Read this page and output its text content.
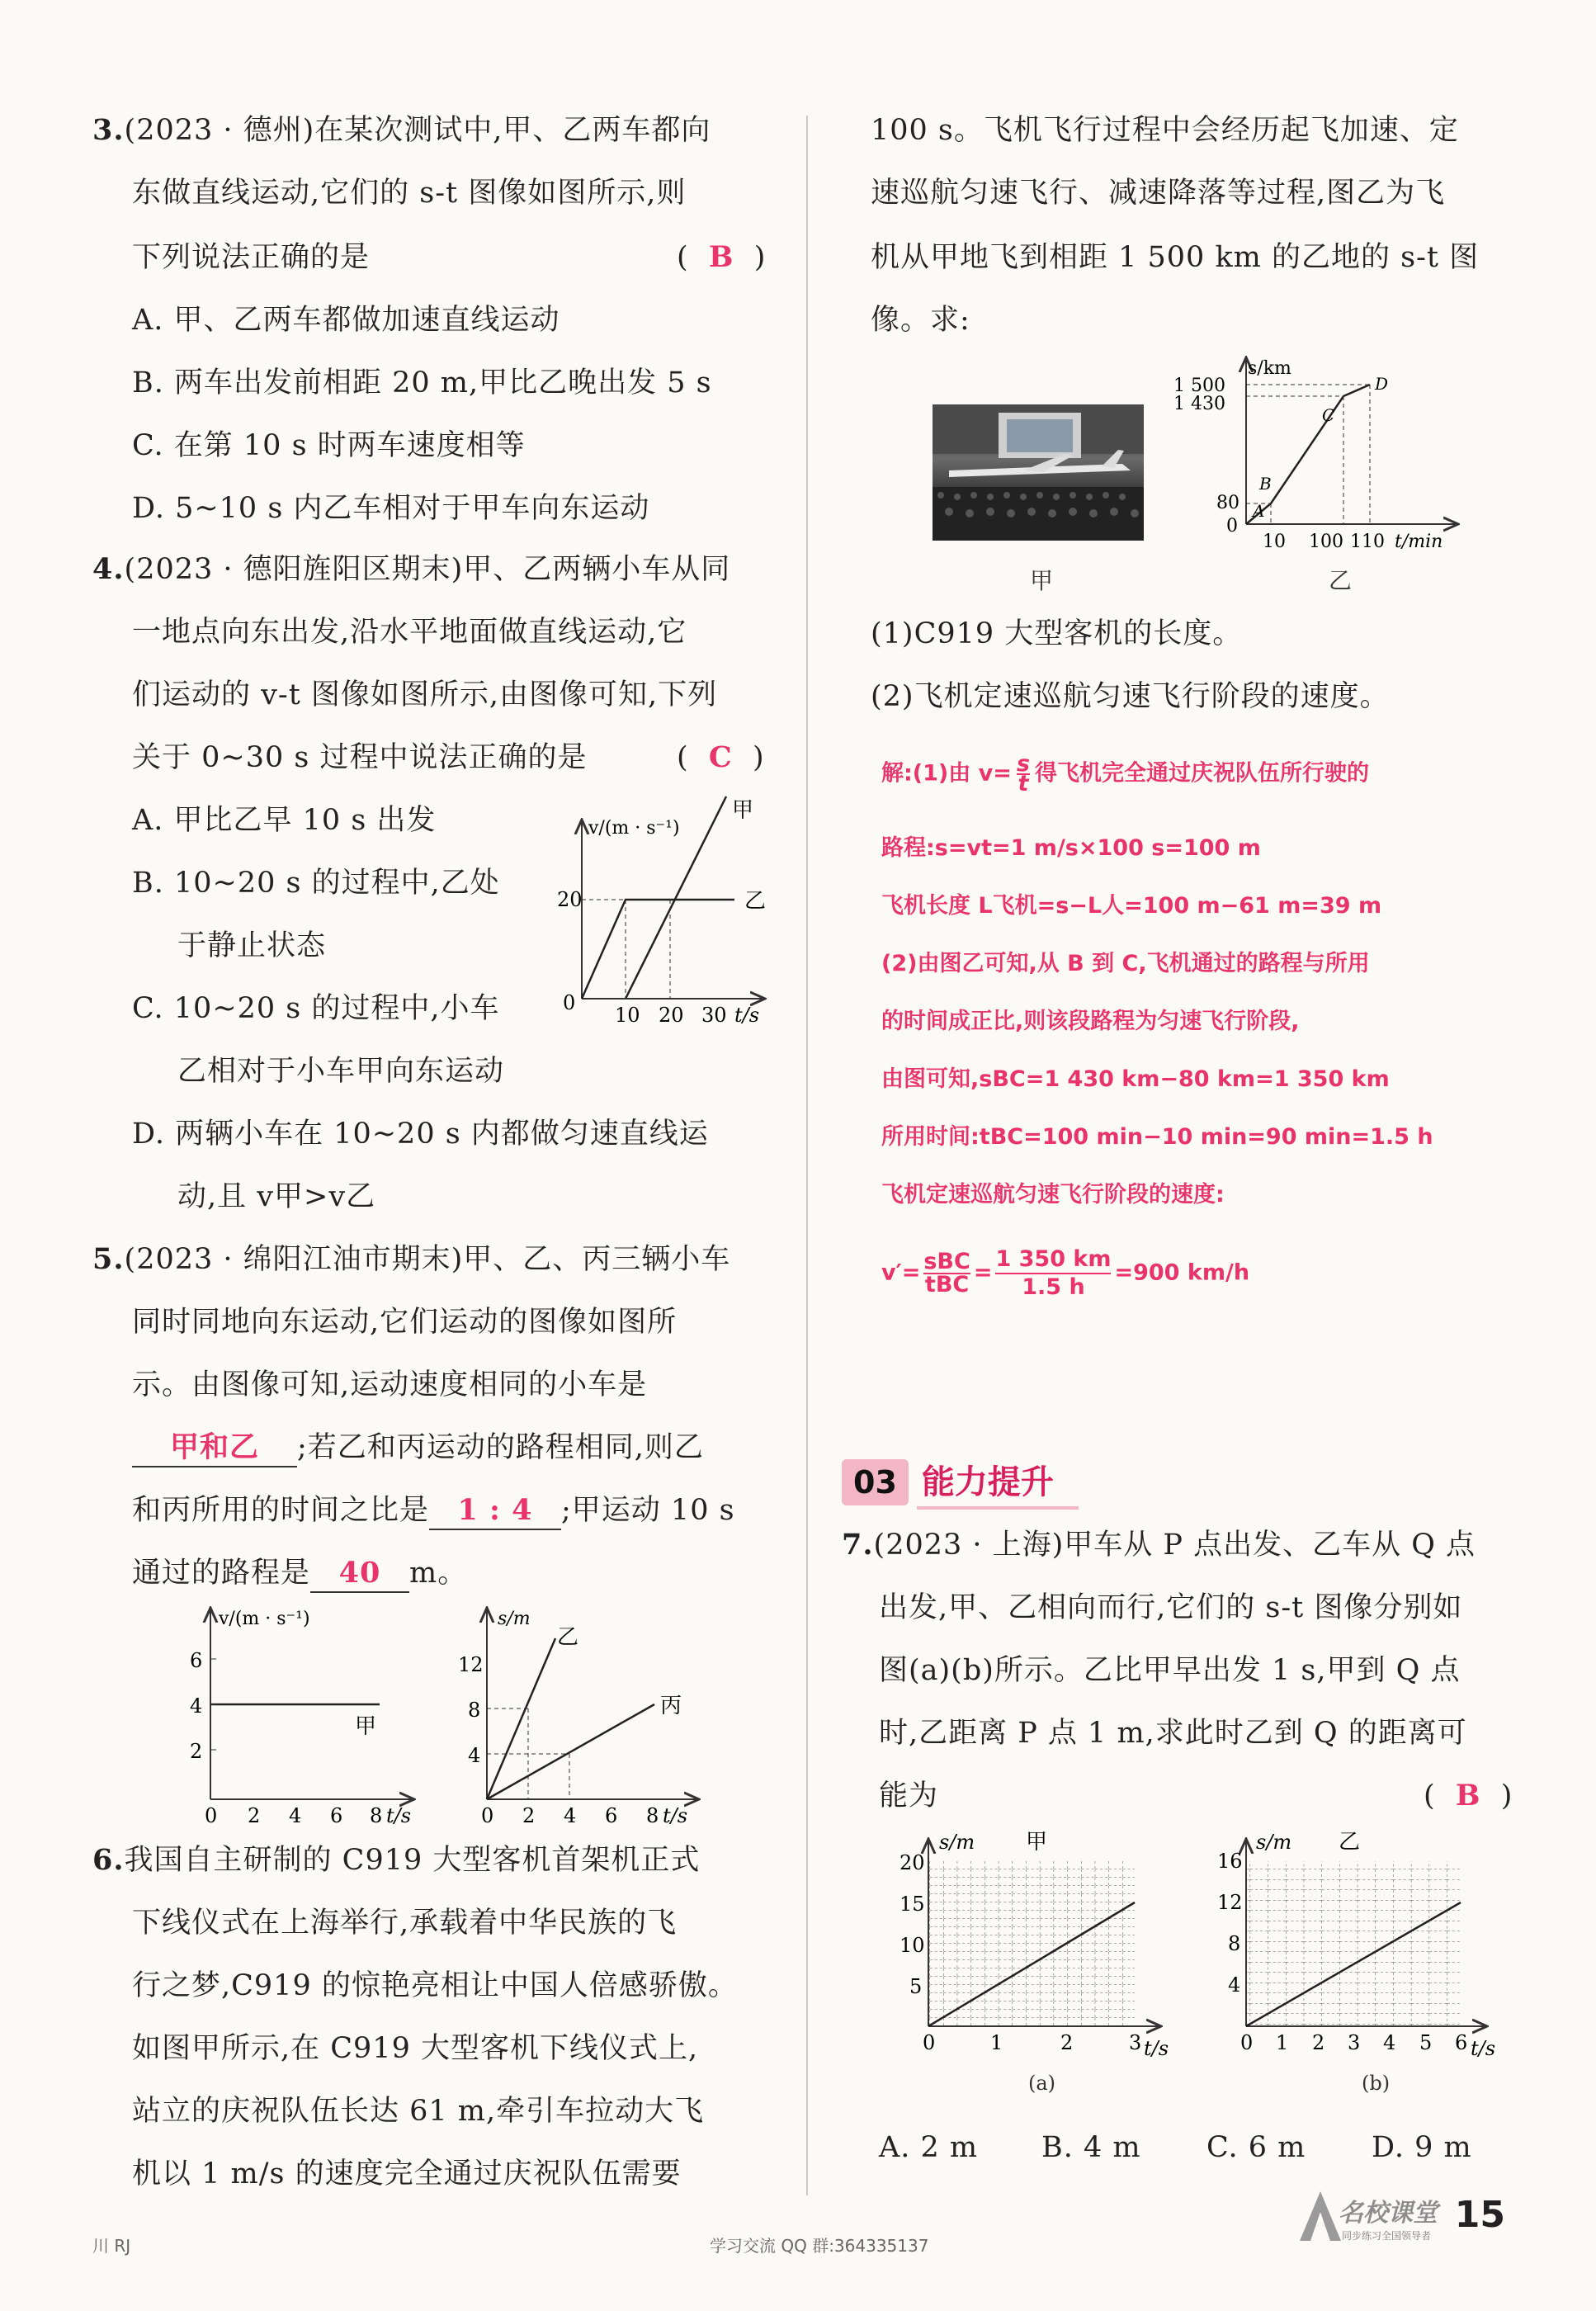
3.(2023 · 德州)在某次测试中,甲、乙两车都向
东做直线运动,它们的 s-t 图像如图所示,则
下列说法正确的是	(  B  )
A. 甲、乙两车都做加速直线运动
B. 两车出发前相距 20 m,甲比乙晚出发 5 s
C. 在第 10 s 时两车速度相等
D. 5~10 s 内乙车相对于甲车向东运动
4.(2023 · 德阳旌阳区期末)甲、乙两辆小车从同
一地点向东出发,沿水平地面做直线运动,它
们运动的 v-t 图像如图所示,由图像可知,下列
关于 0~30 s 过程中说法正确的是	(  C  )
A. 甲比乙早 10 s 出发
B. 10~20 s 的过程中,乙处
于静止状态
C. 10~20 s 的过程中,小车
乙相对于小车甲向东运动
D. 两辆小车在 10~20 s 内都做匀速直线运
动,且 v甲>v乙
v/(m · s⁻¹)
20
0
10 20 30 t/s
甲
乙
5.(2023 · 绵阳江油市期末)甲、乙、丙三辆小车
同时同地向东运动,它们运动的图像如图所
示。由图像可知,运动速度相同的小车是
甲和乙 ;若乙和丙运动的路程相同,则乙
和丙所用的时间之比是 1 : 4 ;甲运动 10 s
通过的路程是 40 m。
v/(m · s⁻¹)
2
4
6
0 2 4 6 8 t/s
甲
s/m
4
8
12
0 2 4 6 8 t/s
乙
丙
6.我国自主研制的 C919 大型客机首架机正式
下线仪式在上海举行,承载着中华民族的飞
行之梦,C919 的惊艳亮相让中国人倍感骄傲。
如图甲所示,在 C919 大型客机下线仪式上,
站立的庆祝队伍长达 61 m,牵引车拉动大飞
机以 1 m/s 的速度完全通过庆祝队伍需要
100 s。飞机飞行过程中会经历起飞加速、定
速巡航匀速飞行、减速降落等过程,图乙为飞
机从甲地飞到相距 1 500 km 的乙地的 s-t 图
像。求:
甲
s/km
1 500
1 430
80
0
10 100 110 t/min
A
B
C
D
乙
(1)C919 大型客机的长度。
(2)飞机定速巡航匀速飞行阶段的速度。
解:(1)由 $v= \frac{s}{t}$ 得飞机完全通过庆祝队伍所行驶的
路程:s=vt=1 m/s×100 s=100 m
飞机长度 L飞机=s−L人=100 m−61 m=39 m
(2)由图乙可知,从 B 到 C,飞机通过的路程与所用
的时间成正比,则该段路程为匀速飞行阶段,
由图可知,sBC=1 430 km−80 km=1 350 km
所用时间:tBC=100 min−10 min=90 min=1.5 h
飞机定速巡航匀速飞行阶段的速度:
v′= sBC
tBC = $\frac{1 350 km}{1.5 h} =900$ km/h
03 能力提升
7.(2023 · 上海)甲车从 P 点出发、乙车从 Q 点
出发,甲、乙相向而行,它们的 s-t 图像分别如
图(a)(b)所示。乙比甲早出发 1 s,甲到 Q 点
时,乙距离 P 点 1 m,求此时乙到 Q 的距离可
能为	(  B  )
s/m 甲
5
10
15
20
0	1	2	3 t/s
(a)
s/m 乙
4
8
12
16
0 1 2 3 4 5 6 t/s
(b)
A. 2 m B. 4 m C. 6 m D. 9 m
川 RJ	学习交流 QQ 群:364335137
名校课堂
同步练习全国领导者 15
